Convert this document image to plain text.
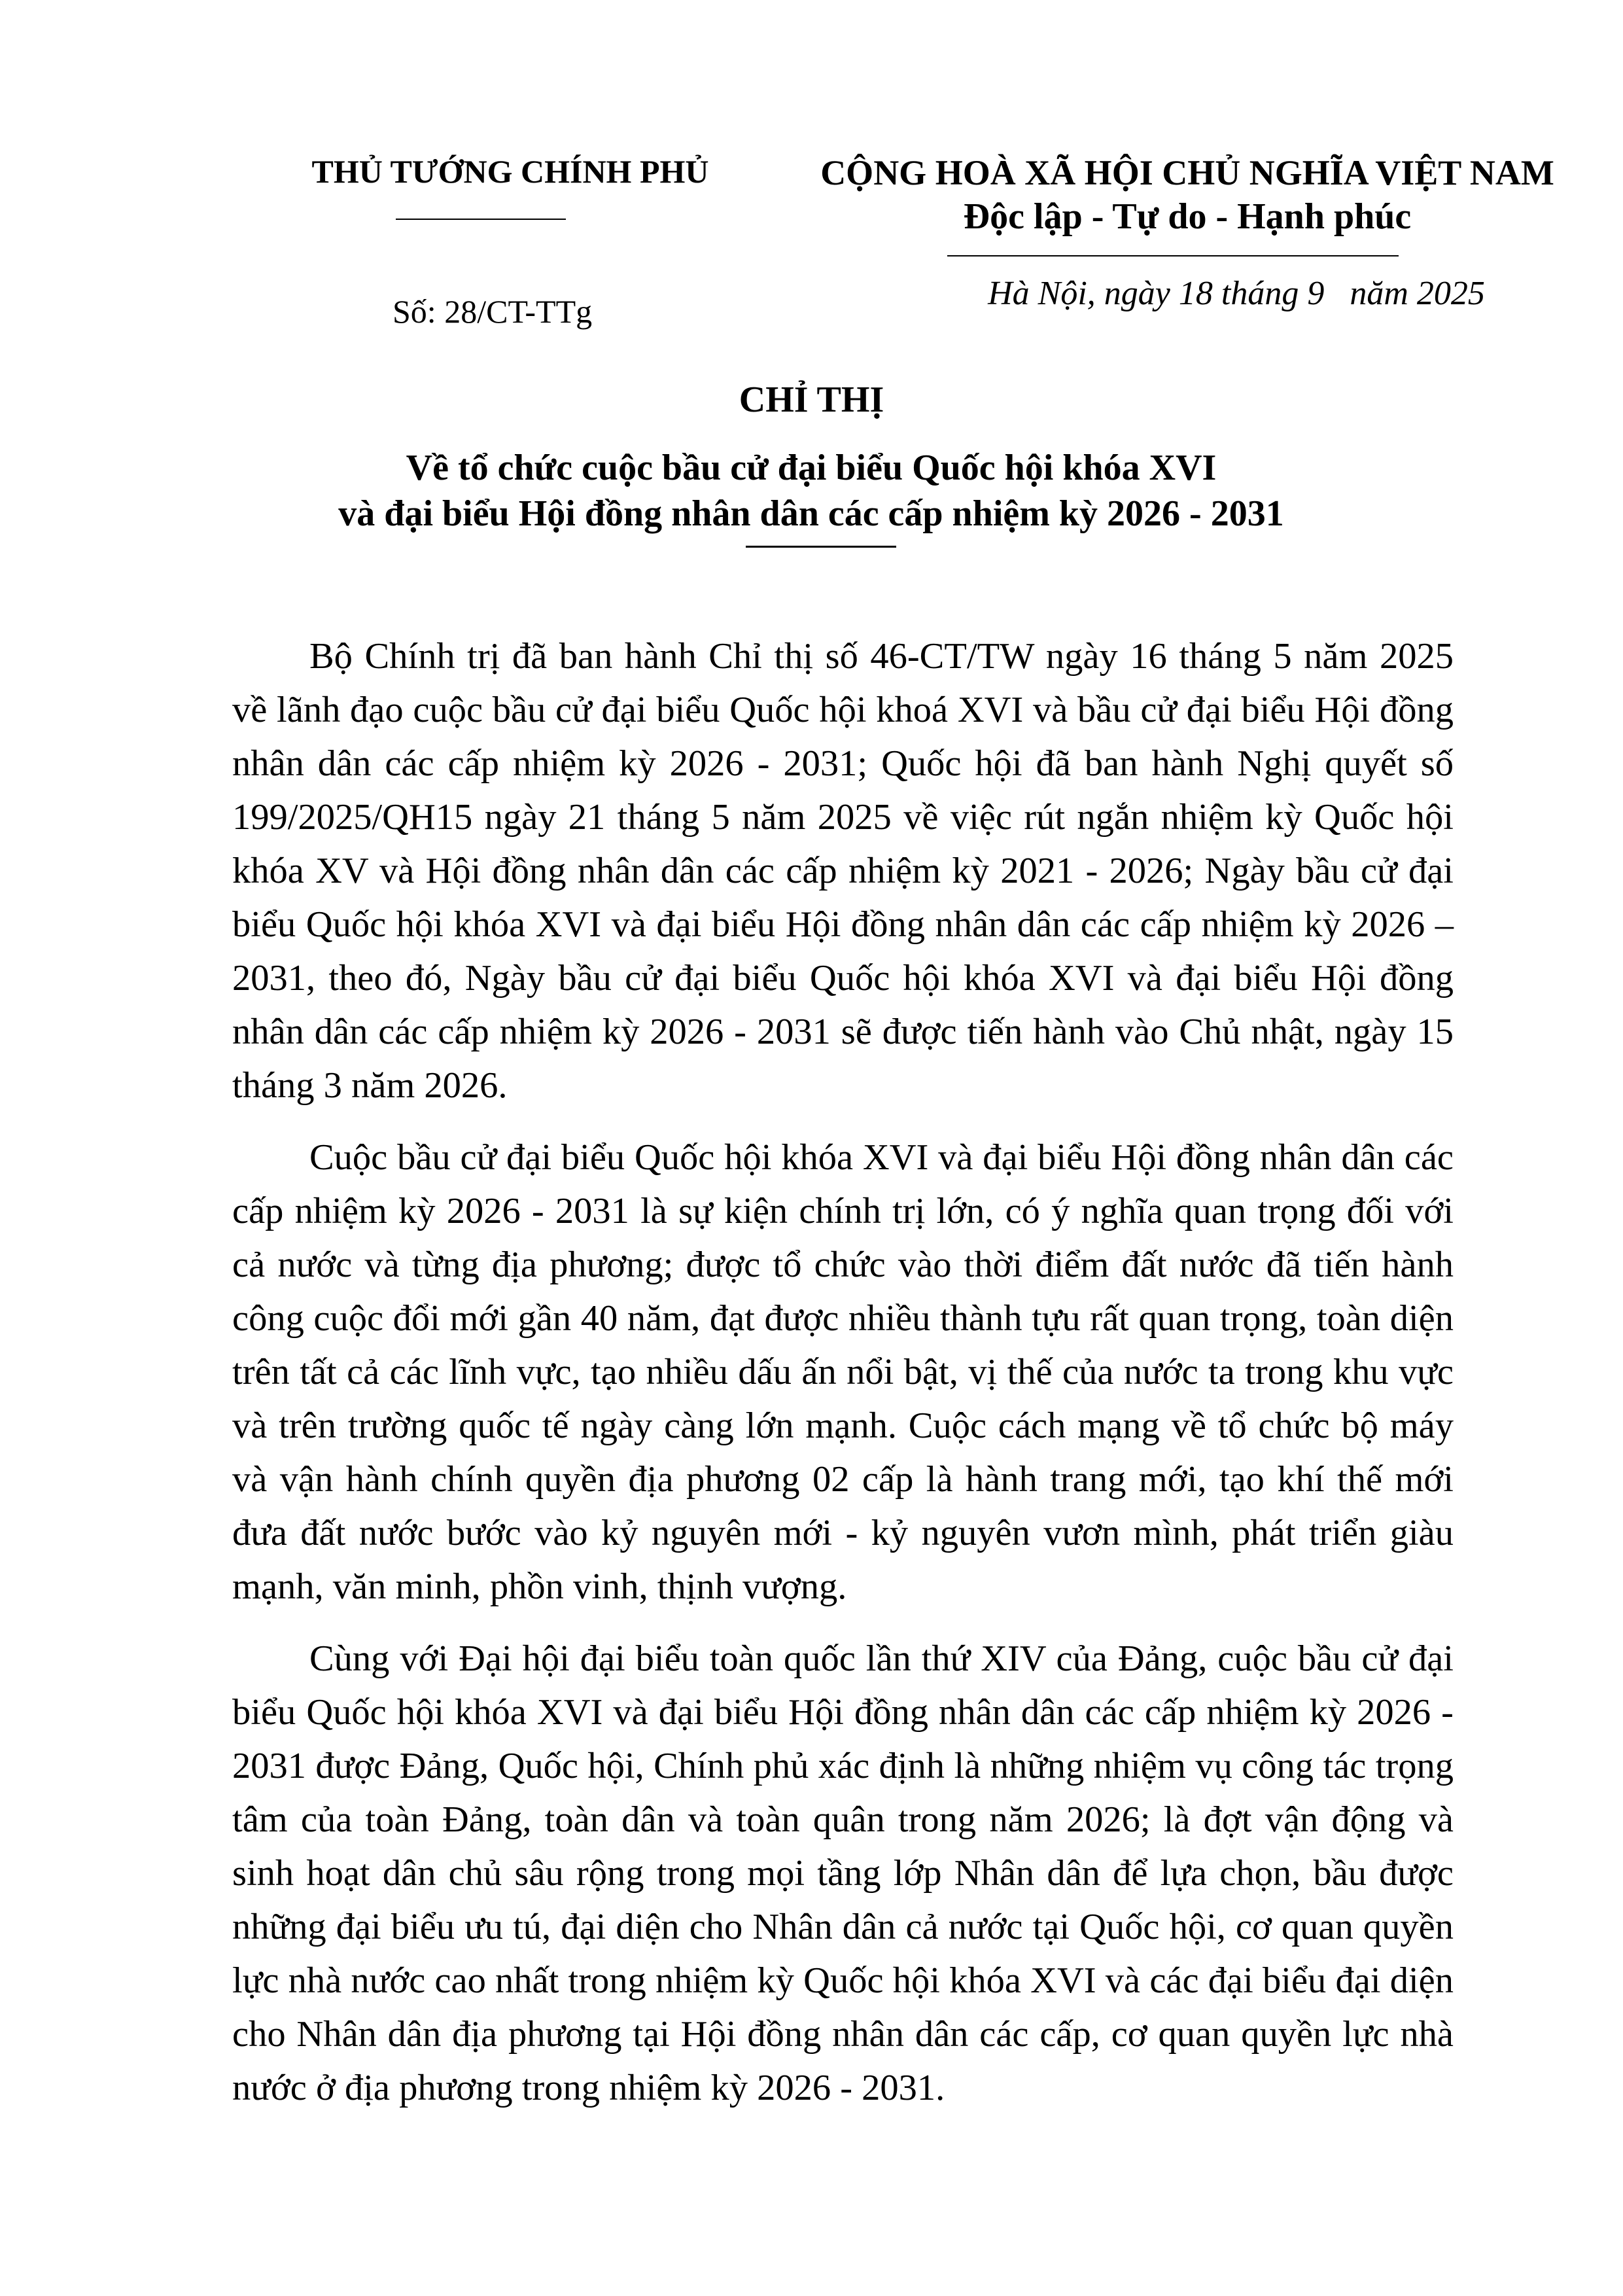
THỦ TƯỚNG CHÍNH PHỦ
Số: 28/CT-TTg
CỘNG HOÀ XÃ HỘI CHỦ NGHĨA VIỆT NAM
Độc lập - Tự do - Hạnh phúc
Hà Nội, ngày 18 tháng 9   năm 2025
CHỈ THỊ
Về tổ chức cuộc bầu cử đại biểu Quốc hội khóa XVI
và đại biểu Hội đồng nhân dân các cấp nhiệm kỳ 2026 - 2031

Bộ Chính trị đã ban hành Chỉ thị số 46-CT/TW ngày 16 tháng 5 năm 2025 về lãnh đạo cuộc bầu cử đại biểu Quốc hội khoá XVI và bầu cử đại biểu Hội đồng nhân dân các cấp nhiệm kỳ 2026 - 2031; Quốc hội đã ban hành Nghị quyết số 199/2025/QH15 ngày 21 tháng 5 năm 2025 về việc rút ngắn nhiệm kỳ Quốc hội khóa XV và Hội đồng nhân dân các cấp nhiệm kỳ 2021 - 2026; Ngày bầu cử đại biểu Quốc hội khóa XVI và đại biểu Hội đồng nhân dân các cấp nhiệm kỳ 2026 – 2031, theo đó, Ngày bầu cử đại biểu Quốc hội khóa XVI và đại biểu Hội đồng nhân dân các cấp nhiệm kỳ 2026 - 2031 sẽ được tiến hành vào Chủ nhật, ngày 15 tháng 3 năm 2026.

Cuộc bầu cử đại biểu Quốc hội khóa XVI và đại biểu Hội đồng nhân dân các cấp nhiệm kỳ 2026 - 2031 là sự kiện chính trị lớn, có ý nghĩa quan trọng đối với cả nước và từng địa phương; được tổ chức vào thời điểm đất nước đã tiến hành công cuộc đổi mới gần 40 năm, đạt được nhiều thành tựu rất quan trọng, toàn diện trên tất cả các lĩnh vực, tạo nhiều dấu ấn nổi bật, vị thế của nước ta trong khu vực và trên trường quốc tế ngày càng lớn mạnh. Cuộc cách mạng về tổ chức bộ máy và vận hành chính quyền địa phương 02 cấp là hành trang mới, tạo khí thế mới đưa đất nước bước vào kỷ nguyên mới - kỷ nguyên vươn mình, phát triển giàu mạnh, văn minh, phồn vinh, thịnh vượng.

Cùng với Đại hội đại biểu toàn quốc lần thứ XIV của Đảng, cuộc bầu cử đại biểu Quốc hội khóa XVI và đại biểu Hội đồng nhân dân các cấp nhiệm kỳ 2026 - 2031 được Đảng, Quốc hội, Chính phủ xác định là những nhiệm vụ công tác trọng tâm của toàn Đảng, toàn dân và toàn quân trong năm 2026; là đợt vận động và sinh hoạt dân chủ sâu rộng trong mọi tầng lớp Nhân dân để lựa chọn, bầu được những đại biểu ưu tú, đại diện cho Nhân dân cả nước tại Quốc hội, cơ quan quyền lực nhà nước cao nhất trong nhiệm kỳ Quốc hội khóa XVI và các đại biểu đại diện cho Nhân dân địa phương tại Hội đồng nhân dân các cấp, cơ quan quyền lực nhà nước ở địa phương trong nhiệm kỳ 2026 - 2031.
